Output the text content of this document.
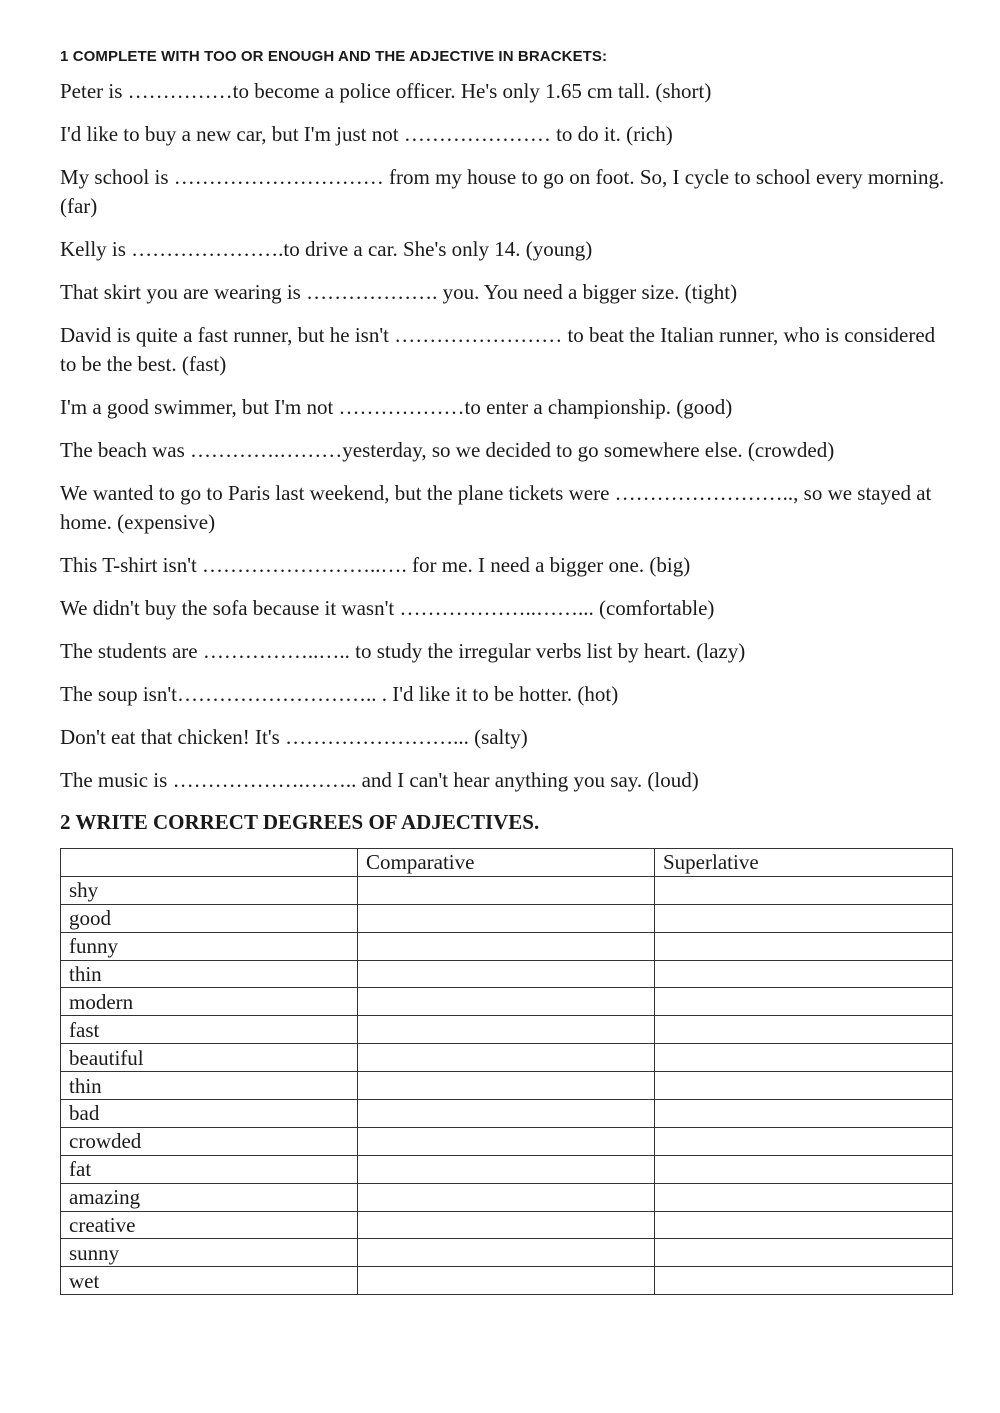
1 COMPLETE WITH TOO OR ENOUGH AND THE ADJECTIVE IN BRACKETS:
Peter is ……………to become a police officer. He's only 1.65 cm tall. (short)
I'd like to buy a new car, but I'm just not ………………… to do it. (rich)
My school is ………………………… from my house to go on foot. So, I cycle to school every morning. (far)
Kelly is ………………….to drive a car. She's only 14. (young)
That skirt you are wearing is ………………. you. You need a bigger size. (tight)
David is quite a fast runner, but he isn't …………………… to beat the Italian runner, who is considered to be the best. (fast)
I'm a good swimmer, but I'm not ………………to enter a championship. (good)
The beach was ………….………yesterday, so we decided to go somewhere else. (crowded)
We wanted to go to Paris last weekend, but the plane tickets were …………………….., so we stayed at home. (expensive)
This T-shirt isn't ……………………..…. for me. I need a bigger one. (big)
We didn't buy the sofa because it wasn't ………………..……... (comfortable)
The students are ……………..….. to study the irregular verbs list by heart. (lazy)
The soup isn't……………………….. . I'd like it to be hotter. (hot)
Don't eat that chicken! It's ……………………... (salty)
The music is ……………….…….. and I can't hear anything you say. (loud)
2 WRITE CORRECT DEGREES OF ADJECTIVES.
	Comparative	Superlative
shy		
good		
funny		
thin		
modern		
fast		
beautiful		
thin		
bad		
crowded		
fat		
amazing		
creative		
sunny		
wet		
